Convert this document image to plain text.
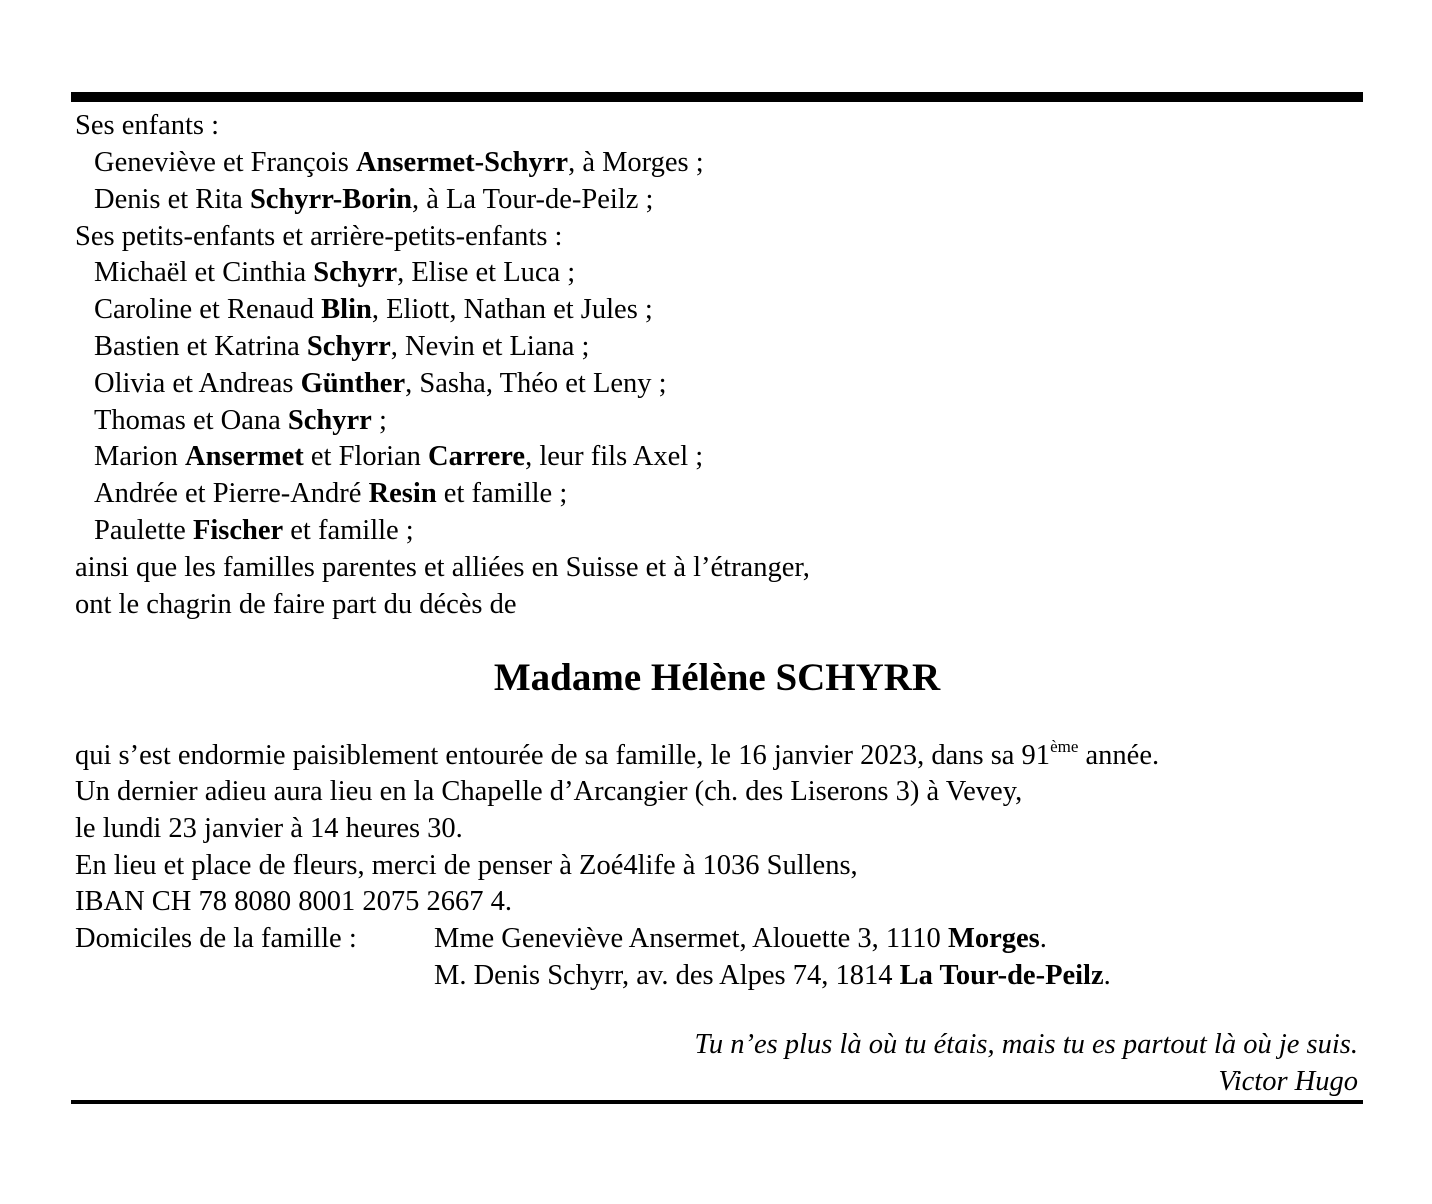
Ses enfants :
Geneviève et François Ansermet-Schyrr, à Morges ;
Denis et Rita Schyrr-Borin, à La Tour-de-Peilz ;
Ses petits-enfants et arrière-petits-enfants :
Michaël et Cinthia Schyrr, Elise et Luca ;
Caroline et Renaud Blin, Eliott, Nathan et Jules ;
Bastien et Katrina Schyrr, Nevin et Liana ;
Olivia et Andreas Günther, Sasha, Théo et Leny ;
Thomas et Oana Schyrr ;
Marion Ansermet et Florian Carrere, leur fils Axel ;
Andrée et Pierre-André Resin et famille ;
Paulette Fischer et famille ;
ainsi que les familles parentes et alliées en Suisse et à l’étranger,
ont le chagrin de faire part du décès de
Madame Hélène SCHYRR
qui s’est endormie paisiblement entourée de sa famille, le 16 janvier 2023, dans sa 91ème année.
Un dernier adieu aura lieu en la Chapelle d’Arcangier (ch. des Liserons 3) à Vevey,
le lundi 23 janvier à 14 heures 30.
En lieu et place de fleurs, merci de penser à Zoé4life à 1036 Sullens,
IBAN CH 78 8080 8001 2075 2667 4.
Domiciles de la famille :	Mme Geneviève Ansermet, Alouette 3, 1110 Morges.
M. Denis Schyrr, av. des Alpes 74, 1814 La Tour-de-Peilz.
Tu n’es plus là où tu étais, mais tu es partout là où je suis.
Victor Hugo
